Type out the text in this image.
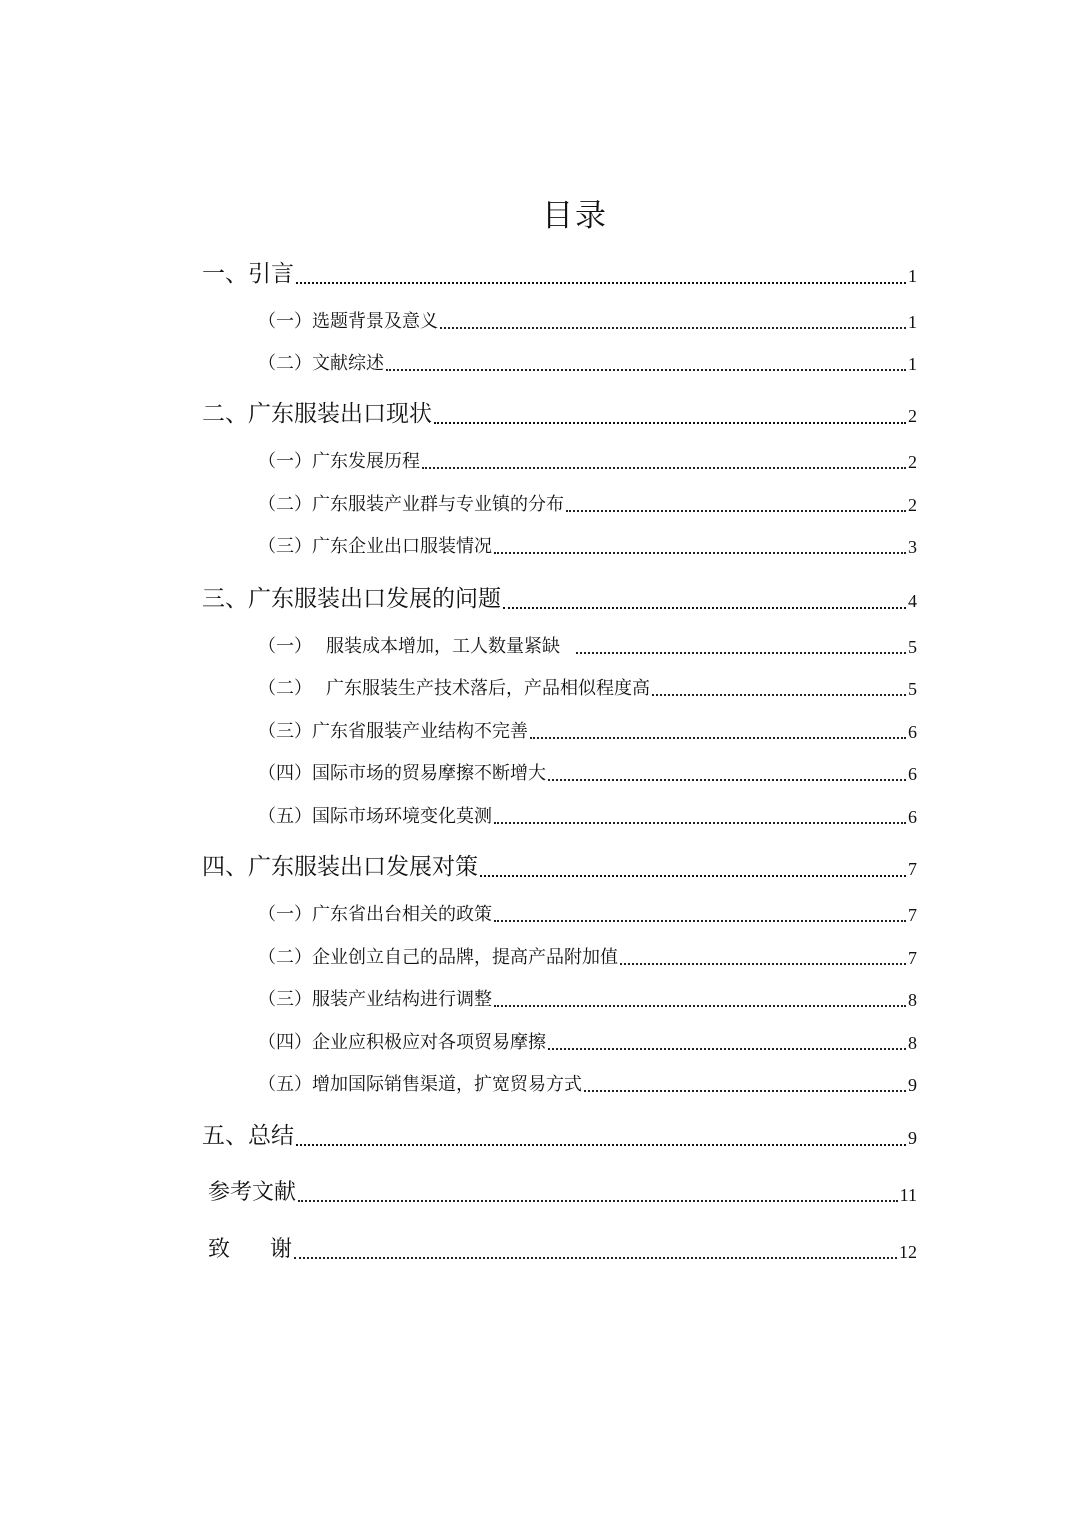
目录
一、引言	1
（一）选题背景及意义	1
（二）文献综述	1
二、广东服装出口现状	2
（一）广东发展历程	2
（二）广东服装产业群与专业镇的分布	2
（三）广东企业出口服装情况	3
三、广东服装出口发展的问题	4
（一） 服装成本增加，工人数量紧缺	5
（二） 广东服装生产技术落后，产品相似程度高	5
（三）广东省服装产业结构不完善	6
（四）国际市场的贸易摩擦不断增大	6
（五）国际市场环境变化莫测	6
四、广东服装出口发展对策	7
（一）广东省出台相关的政策	7
（二）企业创立自己的品牌，提高产品附加值	7
（三）服装产业结构进行调整	8
（四）企业应积极应对各项贸易摩擦	8
（五）增加国际销售渠道，扩宽贸易方式	9
五、总结	9
参考文献	11
致 谢	12
